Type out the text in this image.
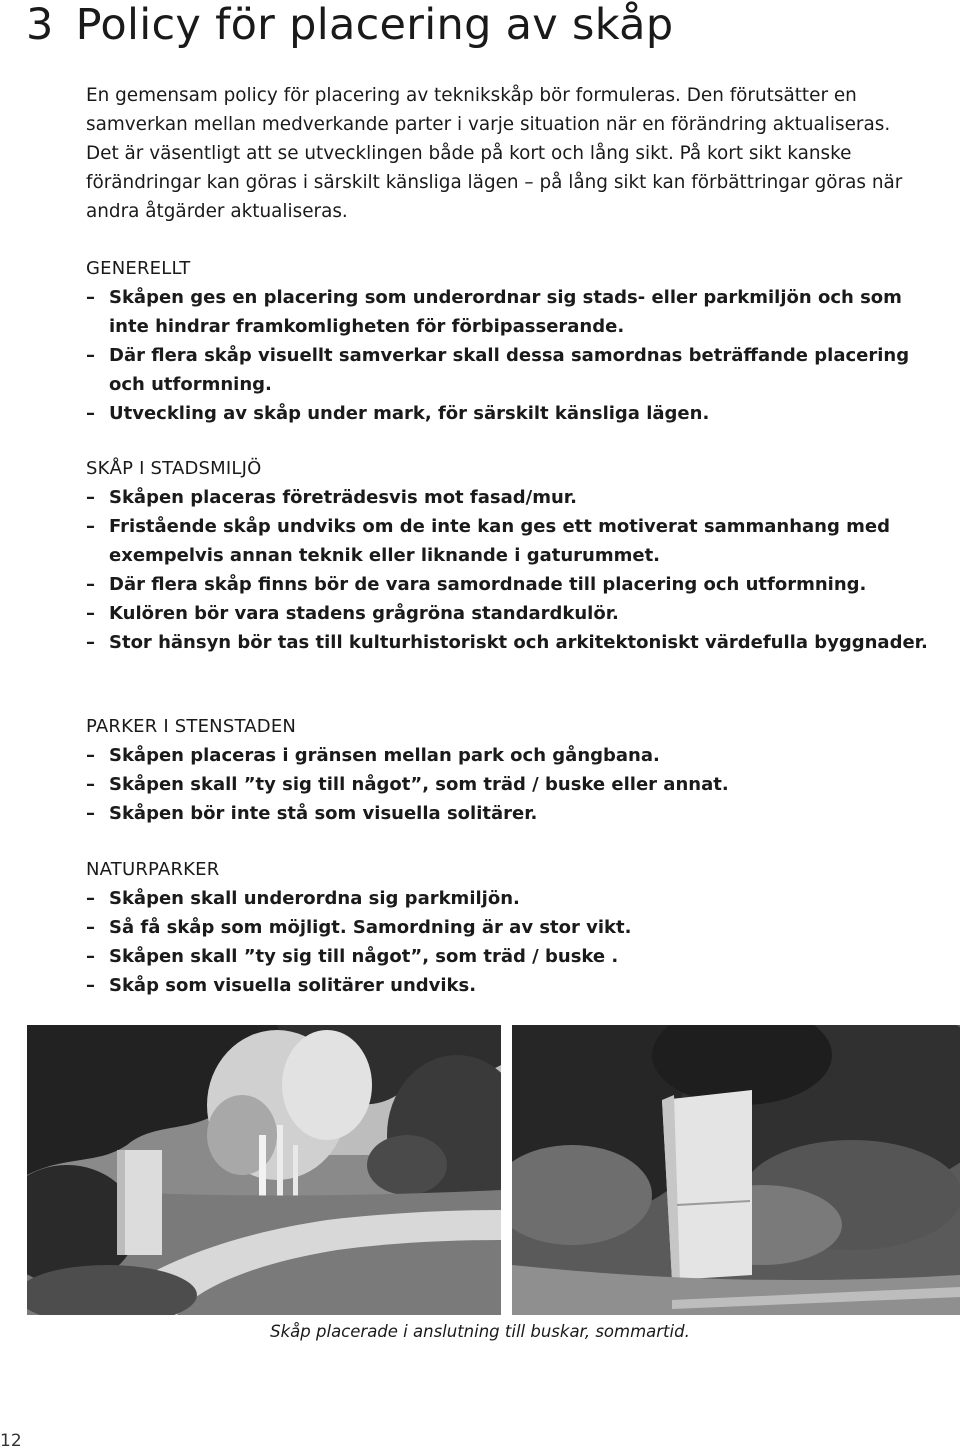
3 Policy för placering av skåp

En gemensam policy för placering av teknikskåp bör formuleras. Den förutsätter en samverkan mellan medverkande parter i varje situation när en förändring aktualiseras. Det är väsentligt att se utvecklingen både på kort och lång sikt. På kort sikt kanske förändringar kan göras i särskilt känsliga lägen – på lång sikt kan förbättringar göras när andra åtgärder aktualiseras.

GENERELLT
– Skåpen ges en placering som underordnar sig stads- eller parkmiljön och som inte hindrar framkomligheten för förbipasserande.
– Där flera skåp visuellt samverkar skall dessa samordnas beträffande placering och utformning.
– Utveckling av skåp under mark, för särskilt känsliga lägen.
SKÅP I STADSMILJÖ
– Skåpen placeras företrädesvis mot fasad/mur.
– Fristående skåp undviks om de inte kan ges ett motiverat sammanhang med exempelvis annan teknik eller liknande i gaturummet.
– Där flera skåp finns bör de vara samordnade till placering och utformning.
– Kulören bör vara stadens grågröna standardkulör.
– Stor hänsyn bör tas till kulturhistoriskt och arkitektoniskt värdefulla byggnader.
PARKER I STENSTADEN
– Skåpen placeras i gränsen mellan park och gångbana.
– Skåpen skall ”ty sig till något”, som träd / buske eller annat.
– Skåpen bör inte stå som visuella solitärer.
NATURPARKER
– Skåpen skall underordna sig parkmiljön.
– Så få skåp som möjligt. Samordning är av stor vikt.
– Skåpen skall ”ty sig till något”, som träd / buske .
– Skåp som visuella solitärer undviks.

Skåp placerade i anslutning till buskar, sommartid.

12
